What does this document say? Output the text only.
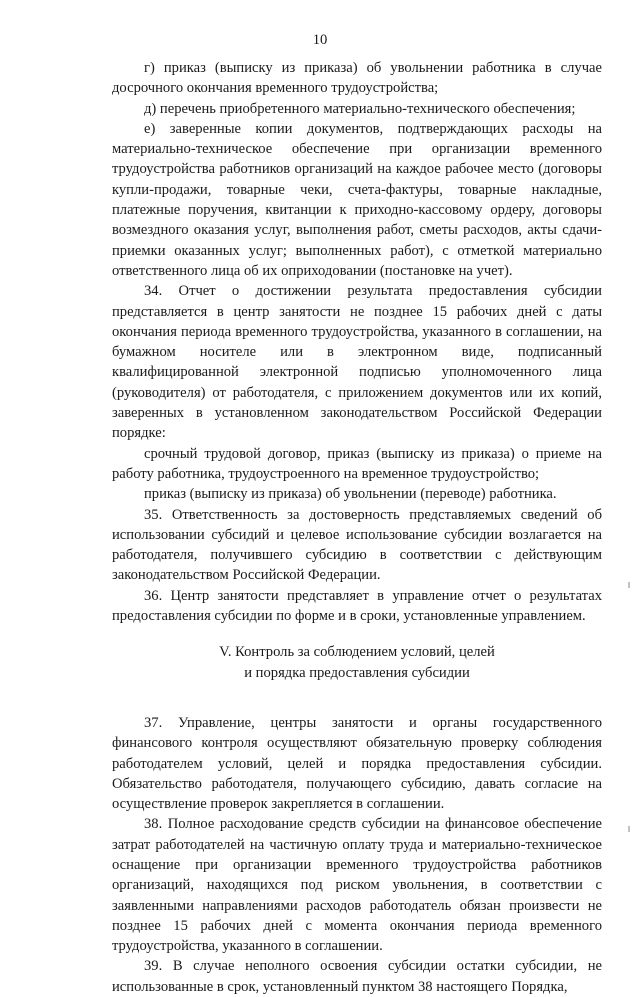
10

г) приказ (выписку из приказа) об увольнении работника в случае досрочного окончания временного трудоустройства;

д) перечень приобретенного материально-технического обеспечения;

е) заверенные копии документов, подтверждающих расходы на материально-техническое обеспечение при организации временного трудоустройства работников организаций на каждое рабочее место (договоры купли-продажи, товарные чеки, счета-фактуры, товарные накладные, платежные поручения, квитанции к приходно-кассовому ордеру, договоры возмездного оказания услуг, выполнения работ, сметы расходов, акты сдачи-приемки оказанных услуг; выполненных работ), с отметкой материально ответственного лица об их оприходовании (постановке на учет).

34. Отчет о достижении результата предоставления субсидии представляется в центр занятости не позднее 15 рабочих дней с даты окончания периода временного трудоустройства, указанного в соглашении, на бумажном носителе или в электронном виде, подписанный квалифицированной электронной подписью уполномоченного лица (руководителя) от работодателя, с приложением документов или их копий, заверенных в установленном законодательством Российской Федерации порядке:

срочный трудовой договор, приказ (выписку из приказа) о приеме на работу работника, трудоустроенного на временное трудоустройство;

приказ (выписку из приказа) об увольнении (переводе) работника.

35. Ответственность за достоверность представляемых сведений об использовании субсидий и целевое использование субсидии возлагается на работодателя, получившего субсидию в соответствии с действующим законодательством Российской Федерации.

36. Центр занятости представляет в управление отчет о результатах предоставления субсидии по форме и в сроки, установленные управлением.

V. Контроль за соблюдением условий, целей

и порядка предоставления субсидии

37. Управление, центры занятости и органы государственного финансового контроля осуществляют обязательную проверку соблюдения работодателем условий, целей и порядка предоставления субсидии. Обязательство работодателя, получающего субсидию, давать согласие на осуществление проверок закрепляется в соглашении.

38. Полное расходование средств субсидии на финансовое обеспечение затрат работодателей на частичную оплату труда и материально-техническое оснащение при организации временного трудоустройства работников организаций, находящихся под риском увольнения, в соответствии с заявленными направлениями расходов работодатель обязан произвести не позднее 15 рабочих дней с момента окончания периода временного трудоустройства, указанного в соглашении.

39. В случае неполного освоения субсидии остатки субсидии, не использованные в срок, установленный пунктом 38 настоящего Порядка,
